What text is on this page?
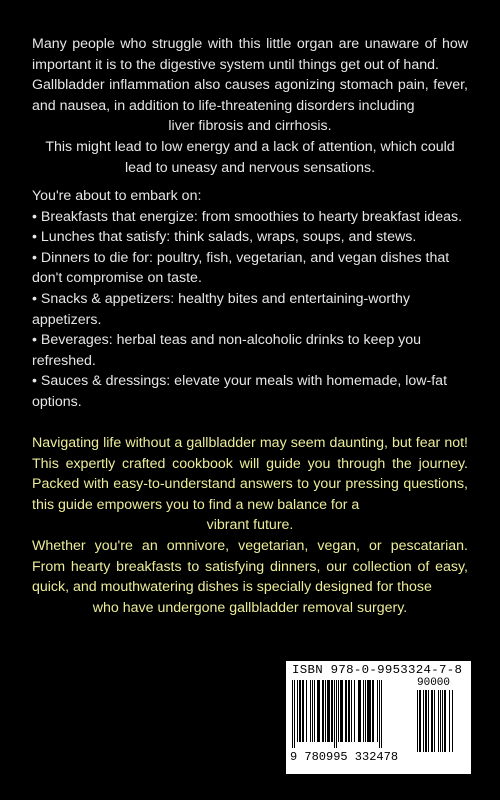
Many people who struggle with this little organ are unaware of how important it is to the digestive system until things get out of hand.
Gallbladder inflammation also causes agonizing stomach pain, fever, and nausea, in addition to life-threatening disorders including
liver fibrosis and cirrhosis.
This might lead to low energy and a lack of attention, which could
lead to uneasy and nervous sensations.
You're about to embark on:
• Breakfasts that energize: from smoothies to hearty breakfast ideas.
• Lunches that satisfy: think salads, wraps, soups, and stews.
• Dinners to die for: poultry, fish, vegetarian, and vegan dishes that don't compromise on taste.
• Snacks & appetizers: healthy bites and entertaining-worthy appetizers.
• Beverages: herbal teas and non-alcoholic drinks to keep you refreshed.
• Sauces & dressings: elevate your meals with homemade, low-fat options.
Navigating life without a gallbladder may seem daunting, but fear not! This expertly crafted cookbook will guide you through the journey. Packed with easy-to-understand answers to your pressing questions, this guide empowers you to find a new balance for a
vibrant future.
Whether you're an omnivore, vegetarian, vegan, or pescatarian. From hearty breakfasts to satisfying dinners, our collection of easy, quick, and mouthwatering dishes is specially designed for those
who have undergone gallbladder removal surgery.
ISBN 978-0-9953324-7-8
90000
9 780995 332478
